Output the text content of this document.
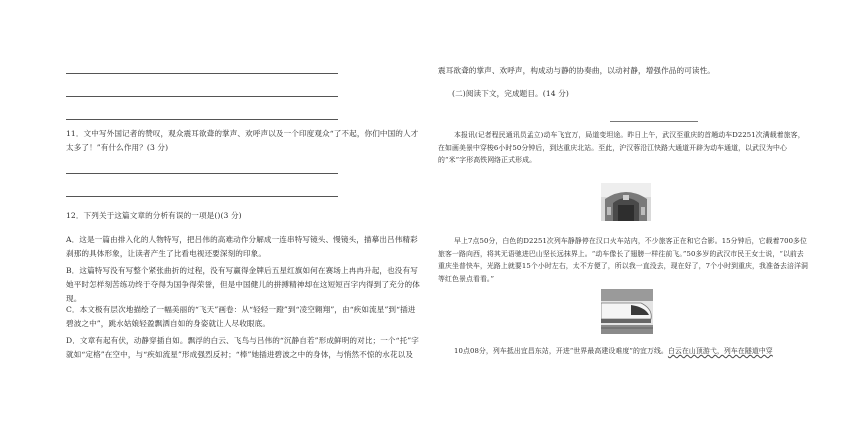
11．文中写外国记者的赞叹，观众震耳欲聋的掌声、欢呼声以及一个印度观众“了不起，你们中国的人才太多了！”有什么作用？(3 分)
12．下列关于这篇文章的分析有误的一项是()(3 分)
A．这是一篇由排入化的人物特写，把吕伟的高难动作分解成一连串特写镜头、慢镜头，描摹出吕伟精彩刹那的具体形象，让读者产生了比看电视还要深刻的印象。
B．这篇特写没有写整个紧张曲折的过程，没有写赢得金牌后五星红旗如何在赛场上冉冉升起，也没有写她平时怎样刻苦练功终于夺得为国争得荣誉，但是中国健儿的拼搏精神却在这短短百字内得到了充分的体现。
C．本文极有层次地描绘了一幅美丽的“飞天”画卷：从“轻轻一蹬”到“凌空翱翔”，由“疾如流星”到“插进碧波之中”，跳水姑娘轻盈飘洒自如的身姿就让人尽收眼底。
D．文章有起有伏，动静穿插自如。飘浮的白云、飞鸟与吕伟的“沉静自若”形成鲜明的对比；一个“托”字就如“定格”在空中，与“疾如流星”形成强烈反衬；“棒”她插进碧波之中的身体，与悄然不惊的水花以及
震耳欲聋的掌声、欢呼声，构成动与静的协奏曲，以动衬静，增强作品的可读性。
(二)阅读下文，完成题目。(14 分)
本报讯(记者程民通讯员孟立)动车飞宜万，局道变坦途。昨日上午，武汉至重庆的首趟动车D2251次满载着旅客，在如画美景中穿梭6小时50分钟后，到达重庆北站。至此，沪汉蓉沿江快路大通道开辟为动车通道，以武汉为中心的“米”字形高铁网络正式形成。
早上7点50分，白色的D2251次列车静静停在汉口火车站内，不少旅客正在和它合影。15分钟后，它载着700多位旅客一路向西，将其无语驰进巴山坚长远抹界上。“动车像长了翅膀一样往前飞。”50多岁的武汉市民王女士说，“以前去重庆坐普快车，光路上就要15个小时左右，太不方便了，所以我一直没去，现在好了，7个小时到重庆，我准备去涪洋洞等红色景点看看。”
10点08分，列车抵出宜昌东站，开进“世界最高建设难度”的宜万线。白云在山顶游弋，列车在隧道中穿
